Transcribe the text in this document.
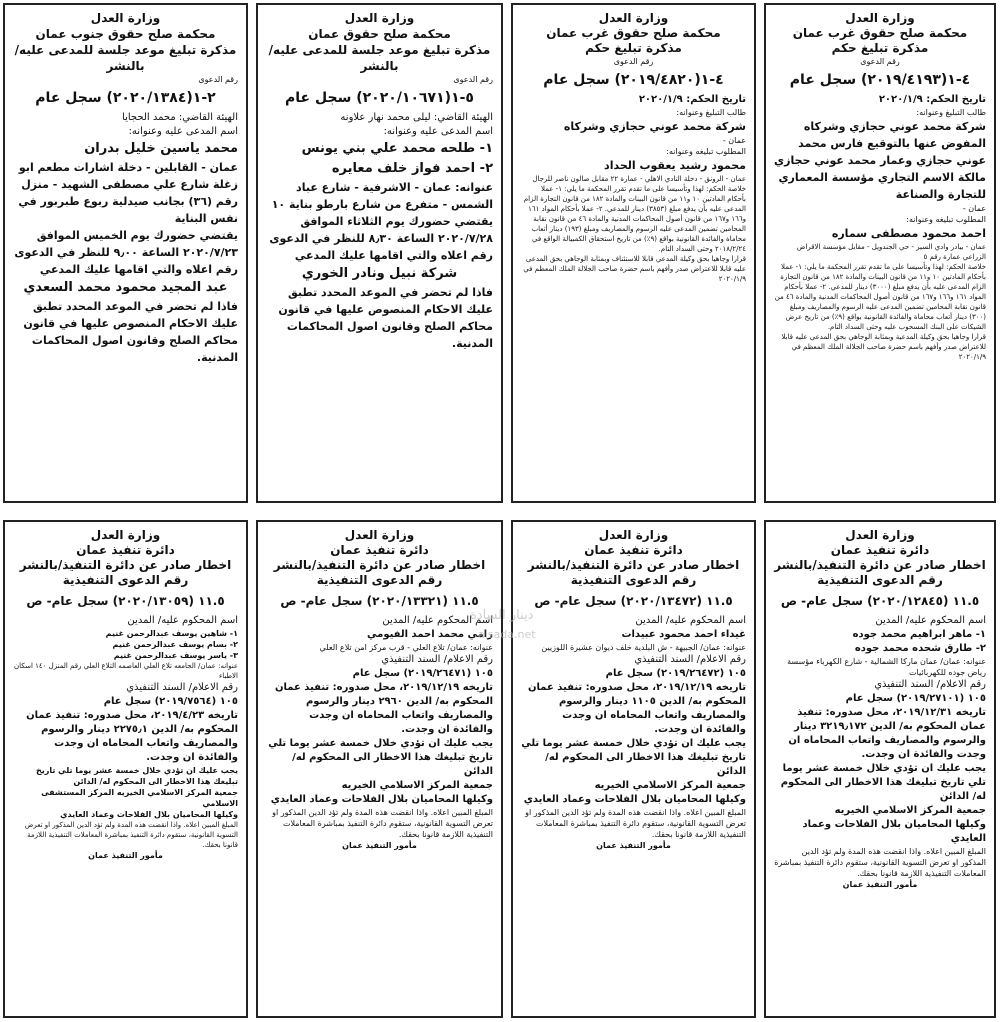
وزارة العدل
محكمة صلح حقوق غرب عمان
مذكرة تبليغ حكم
رقم الدعوى
٤-١(٢٠١٩/٤١٩٣) سجل عام
تاريخ الحكم: ٢٠٢٠/١/٩
طالب التبليغ وعنوانه:
شركة محمد عوني حجازي وشركاه المفوض عنها بالتوقيع فارس محمد عوني حجازي وعمار محمد عوني حجازي مالكة الاسم التجاري مؤسسة المعماري للتجارة والصناعة
عمان -
المطلوب تبليغه وعنوانه:
احمد محمود مصطفى سماره
عمان - بيادر وادي السير - حي الجندويل - مقابل مؤسسة الاقراض الزراعي عمارة رقم ٥
خلاصة الحكم: لهذا وتأسيسا على ما تقدم تقرر المحكمة ما يلي: ١- عملا بأحكام المادتين ١٠ و١١ من قانون البينات والمادة ١٨٢ من قانون التجارة الزام المدعى عليه بأن يدفع مبلغ (٣٠٠٠) دينار للمدعي. ٢- عملا بأحكام المواد ١٦١ و١٦٦ و١٦٧ من قانون أصول المحاكمات المدنية والمادة ٤٦ من قانون نقابة المحامين تضمين المدعى عليه الرسوم والمصاريف ومبلغ (٣٠٠) دينار أتعاب محاماة والفائدة القانونية بواقع (٩٪) من تاريخ عرض الشيكات على البنك المسحوب عليه وحتى السداد التام.
قرارا وجاهيا بحق وكيلة المدعية وبمثابة الوجاهي بحق المدعى عليه قابلا للاعتراض صدر وأفهم باسم حضرة صاحب الجلالة الملك المعظم في ٢٠٢٠/١/٩
وزارة العدل
محكمة صلح حقوق غرب عمان
مذكرة تبليغ حكم
رقم الدعوى
٤-١(٢٠١٩/٤٨٢٠) سجل عام
تاريخ الحكم: ٢٠٢٠/١/٩
طالب التبليغ وعنوانه:
شركة محمد عوني حجازي وشركاه
عمان -
المطلوب تبليغه وعنوانه:
محمود رشيد يعقوب الحداد
عمان - الرونق - دخلة النادي الاهلي - عمارة ٢٢ مقابل صالون ناصر للرجال
خلاصة الحكم: لهذا وتأسيسا على ما تقدم تقرر المحكمة ما يلي: ١- عملا بأحكام المادتين ١٠ و١١ من قانون البينات والمادة ١٨٢ من قانون التجارة الزام المدعى عليه بأن يدفع مبلغ (٣٨٥٣) دينار للمدعي. ٢- عملا بأحكام المواد ١٦١ و١٦٦ و١٦٧ من قانون أصول المحاكمات المدنية والمادة ٤٦ من قانون نقابة المحامين تضمين المدعى عليه الرسوم والمصاريف ومبلغ (١٩٣) دينار أتعاب محاماة والفائدة القانونية بواقع (٩٪) من تاريخ استحقاق الكمبيالة الواقع في ٢٠١٨/٢/٢٤ وحتى السداد التام.
قرارا وجاهيا بحق وكيلة المدعي قابلا للاستئناف وبمثابة الوجاهي بحق المدعى عليه قابلا للاعتراض صدر وأفهم باسم حضرة صاحب الجلالة الملك المعظم في ٢٠٢٠/١/٩
وزارة العدل
محكمة صلح حقوق عمان
مذكرة تبليغ موعد جلسة للمدعى عليه/بالنشر
رقم الدعوى
٥-١(٢٠٢٠/١٠٦٧١) سجل عام
الهيئة القاضي: ليلى محمد نهار علاونه
اسم المدعى عليه وعنوانه:
١- طلحه محمد علي بني يونس
٢- احمد فواز خلف معايره
عنوانه: عمان - الاشرفية - شارع عباد الشمس - متفرع من شارع بارطو بناية ١٠
يقتضي حضورك يوم الثلاثاء الموافق ٢٠٢٠/٧/٢٨ الساعة ٨٫٣٠ للنظر في الدعوى رقم اعلاه والتي اقامها عليك المدعي
شركة نبيل ونادر الخوري
فاذا لم تحضر في الموعد المحدد تطبق عليك الاحكام المنصوص عليها في قانون محاكم الصلح وقانون اصول المحاكمات المدنية.
وزارة العدل
محكمة صلح حقوق جنوب عمان
مذكرة تبليغ موعد جلسة للمدعى عليه/بالنشر
رقم الدعوى
٢-١(٢٠٢٠/١٣٨٤) سجل عام
الهيئة القاضي: محمد الحجايا
اسم المدعى عليه وعنوانه:
محمد ياسين خليل بدران
عمان - القابلين - دخلة اشارات مطعم ابو زغلة شارع علي مصطفى الشهيد - منزل رقم (٣٦) بجانب صيدلية ربوع طبربور في نفس البناية
يقتضي حضورك يوم الخميس الموافق ٢٠٢٠/٧/٢٣ الساعة ٩٫٠٠ للنظر في الدعوى رقم اعلاه والتي اقامها عليك المدعي
عبد المجيد محمود محمد السعدي
فاذا لم تحضر في الموعد المحدد تطبق عليك الاحكام المنصوص عليها في قانون محاكم الصلح وقانون اصول المحاكمات المدنية.
وزارة العدل
دائرة تنفيذ عمان
اخطار صادر عن دائرة التنفيذ/بالنشر
رقم الدعوى التنفيذية
١١.٥ (٢٠٢٠/١٢٨٤٥) سجل عام- ص
اسم المحكوم عليه/ المدين
١- ماهر ابراهيم محمد جوده
٢- طارق شحده محمد جوده
عنوانه: عمان/ عمان ماركا الشمالية - شارع الكهرباء مؤسسة رياض جوده للكهربائيات
رقم الاعلام/ السند التنفيذي
١٠٥ (٢٠١٩/٢٧١٠١) سجل عام
تاريخه ٢٠١٩/١٢/٣١، محل صدوره: تنفيذ عمان المحكوم به/ الدين ٣٢١٩٫١٧٢ دينار والرسوم والمصاريف واتعاب المحاماه ان وجدت والفائدة ان وجدت.
يجب عليك ان تؤدي خلال خمسة عشر يوما تلي تاريخ تبليغك هذا الاخطار الى المحكوم له/ الدائن
جمعية المركز الاسلامي الخيريه
وكيلها المحاميان بلال الفلاحات وعماد العايدي
المبلغ المبين اعلاه. واذا انقضت هذه المدة ولم تؤد الدين المذكور او تعرض التسوية القانونية، ستقوم دائرة التنفيذ بمباشرة المعاملات التنفيذية اللازمة قانونا بحقك.
مأمور التنفيذ عمان
وزارة العدل
دائرة تنفيذ عمان
اخطار صادر عن دائرة التنفيذ/بالنشر
رقم الدعوى التنفيذية
١١.٥ (٢٠٢٠/١٣٤٧٢) سجل عام- ص
اسم المحكوم عليه/ المدين
غيداء احمد محمود عبيدات
عنوانه: عمان/ الجبيهة - ش البلدية خلف ديوان عشيرة اللوزيين
رقم الاعلام/ السند التنفيذي
١٠٥ (٢٠١٩/٢٦٤٧٢) سجل عام
تاريخه ٢٠١٩/١٢/١٩، محل صدوره: تنفيذ عمان المحكوم به/ الدين ١١٠٥ دينار والرسوم والمصاريف واتعاب المحاماه ان وجدت والفائدة ان وجدت.
يجب عليك ان تؤدي خلال خمسة عشر يوما تلي تاريخ تبليغك هذا الاخطار الى المحكوم له/ الدائن
جمعية المركز الاسلامي الخيريه
وكيلها المحاميان بلال الفلاحات وعماد العايدي
المبلغ المبين اعلاه. واذا انقضت هذه المدة ولم تؤد الدين المذكور او تعرض التسوية القانونية، ستقوم دائرة التنفيذ بمباشرة المعاملات التنفيذية اللازمة قانونا بحقك.
مأمور التنفيذ عمان
وزارة العدل
دائرة تنفيذ عمان
اخطار صادر عن دائرة التنفيذ/بالنشر
رقم الدعوى التنفيذية
١١.٥ (٢٠٢٠/١٣٣٢١) سجل عام- ص
اسم المحكوم عليه/ المدين
رامي محمد احمد الفيومي
عنوانه: عمان/ تلاع العلي - قرب مركز امن تلاع العلي
رقم الاعلام/ السند التنفيذي
١٠٥ (٢٠١٩/٢٦٤٧١) سجل عام
تاريخه ٢٠١٩/١٢/١٩، محل صدوره: تنفيذ عمان المحكوم به/ الدين ٢٩٦٠ دينار والرسوم والمصاريف واتعاب المحاماه ان وجدت والفائدة ان وجدت.
يجب عليك ان تؤدي خلال خمسة عشر يوما تلي تاريخ تبليغك هذا الاخطار الى المحكوم له/ الدائن
جمعية المركز الاسلامي الخيريه
وكيلها المحاميان بلال الفلاحات وعماد العايدي
المبلغ المبين اعلاه. واذا انقضت هذه المدة ولم تؤد الدين المذكور او تعرض التسوية القانونية، ستقوم دائرة التنفيذ بمباشرة المعاملات التنفيذية اللازمة قانونا بحقك.
مأمور التنفيذ عمان
وزارة العدل
دائرة تنفيذ عمان
اخطار صادر عن دائرة التنفيذ/بالنشر
رقم الدعوى التنفيذية
١١.٥ (٢٠٢٠/١٣٠٥٩) سجل عام- ص
اسم المحكوم عليه/ المدين
١- شاهين يوسف عبدالرحمن غنيم
٢- بسام يوسف عبدالرحمن غنيم
٣- ياسر يوسف عبدالرحمن غنيم
عنوانه: عمان/ الجامعه تلاع العلي العاصمه التلاع العلي رقم المنزل ١٤٠ اسكان الاطباء
رقم الاعلام/ السند التنفيذي
١٠٥ (٢٠١٩/٧٥٦٤) سجل عام
تاريخه ٢٠١٩/٤/٢٣، محل صدوره: تنفيذ عمان المحكوم به/ الدين ٢٢٧٥٫١ دينار والرسوم والمصاريف واتعاب المحاماه ان وجدت والفائدة ان وجدت.
يجب عليك ان تؤدي خلال خمسة عشر يوما تلي تاريخ تبليغك هذا الاخطار الى المحكوم له/ الدائن
جمعية المركز الاسلامي الخيريه المركز المستشفى الاسلامي
وكيلها المحاميان بلال الفلاحات وعماد العايدي
المبلغ المبين اعلاه. واذا انقضت هذه المدة ولم تؤد الدين المذكور او تعرض التسوية القانونية، ستقوم دائرة التنفيذ بمباشرة المعاملات التنفيذية اللازمة قانونا بحقك.
مأمور التنفيذ عمان
دينار السادة
alsada.net
